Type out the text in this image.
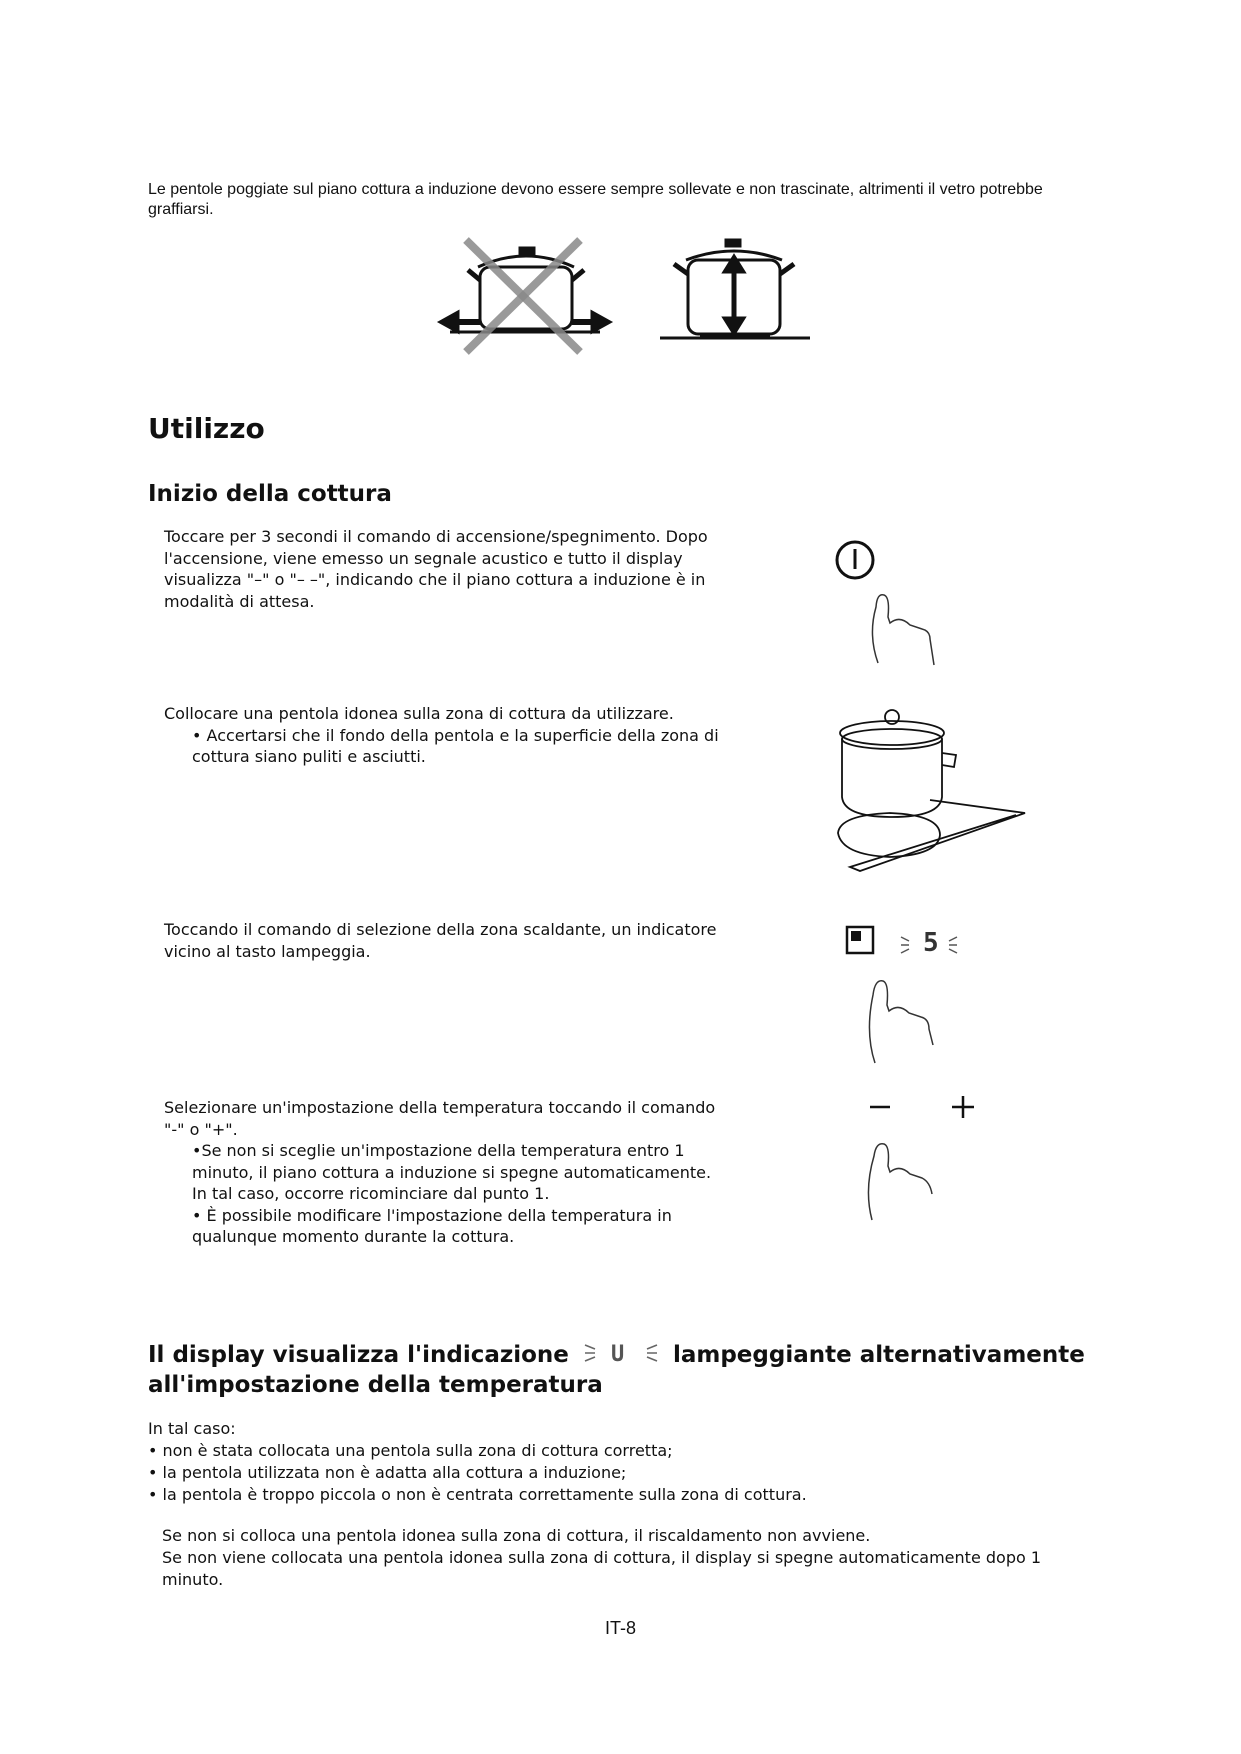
Le pentole poggiate sul piano cottura a induzione devono essere sempre sollevate e non trascinate, altrimenti il vetro potrebbe graffiarsi.
Utilizzo
Inizio della cottura

Toccare per 3 secondi il comando di accensione/spegnimento. Dopo l'accensione, viene emesso un segnale acustico e tutto il display visualizza "–" o "– –", indicando che il piano cottura a induzione è in modalità di attesa.

Collocare una pentola idonea sulla zona di cottura da utilizzare.

• Accertarsi che il fondo della pentola e la superficie della zona di cottura siano puliti e asciutti.

Toccando il comando di selezione della zona scaldante, un indicatore vicino al tasto lampeggia.	5

Selezionare un'impostazione della temperatura toccando il comando "-" o "+".

•Se non si sceglie un'impostazione della temperatura entro 1 minuto, il piano cottura a induzione si spegne automaticamente. In tal caso, occorre ricominciare dal punto 1.

• È possibile modificare l'impostazione della temperatura in qualunque momento durante la cottura.

Il display visualizza l'indicazione U lampeggiante alternativamente all'impostazione della temperatura

In tal caso:

• non è stata collocata una pentola sulla zona di cottura corretta;

• la pentola utilizzata non è adatta alla cottura a induzione;

• la pentola è troppo piccola o non è centrata correttamente sulla zona di cottura.

Se non si colloca una pentola idonea sulla zona di cottura, il riscaldamento non avviene.

Se non viene collocata una pentola idonea sulla zona di cottura, il display si spegne automaticamente dopo 1 minuto.

IT-8
